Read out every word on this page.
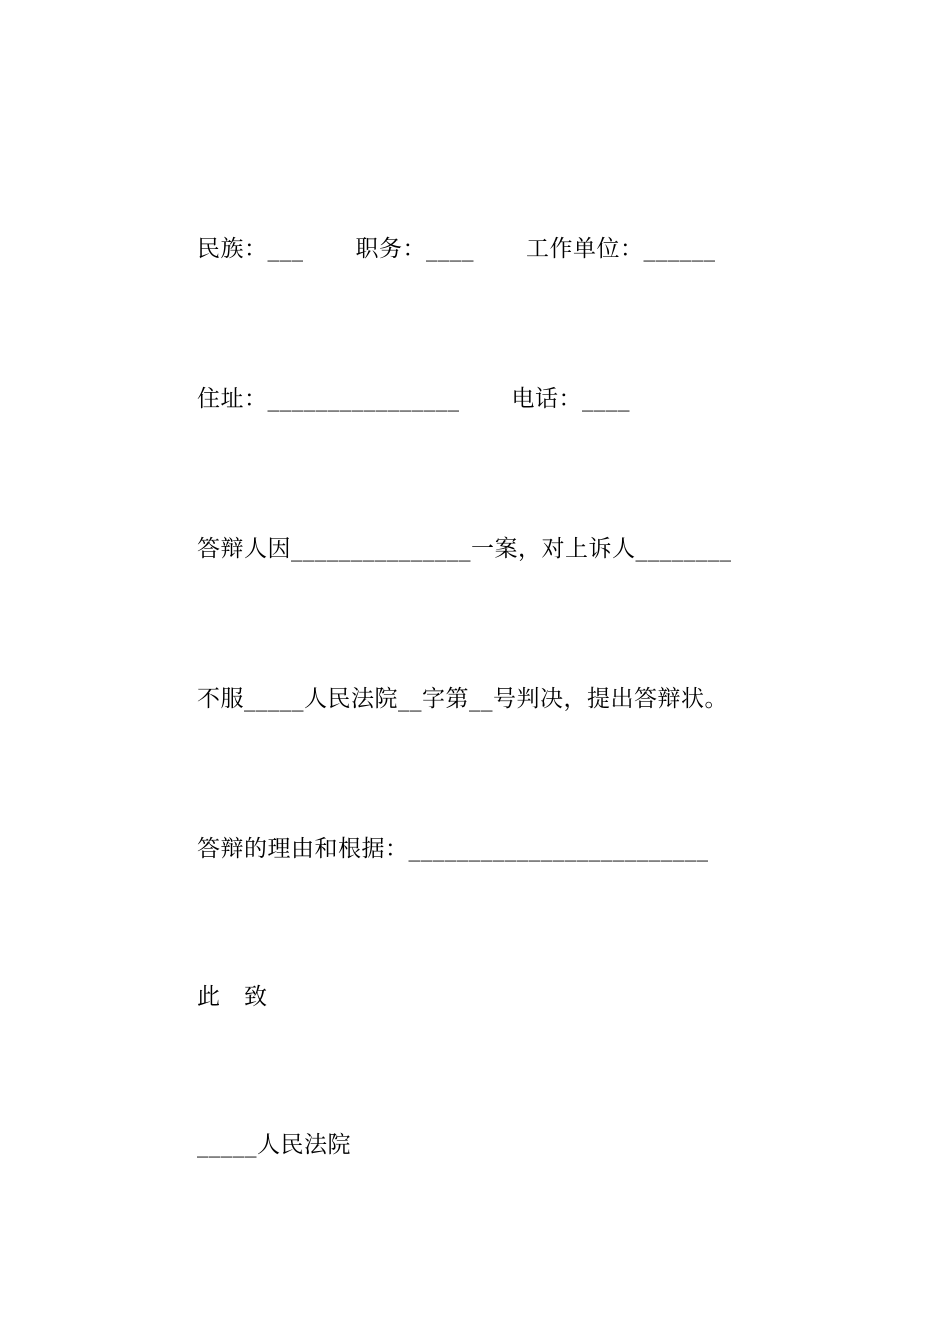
民族：___ 职务：____ 工作单位：______
住址：________________ 电话：____
答辩人因_______________一案，对上诉人________
不服_____人民法院__字第__号判决，提出答辩状。
答辩的理由和根据：_________________________
此　致
_____人民法院
